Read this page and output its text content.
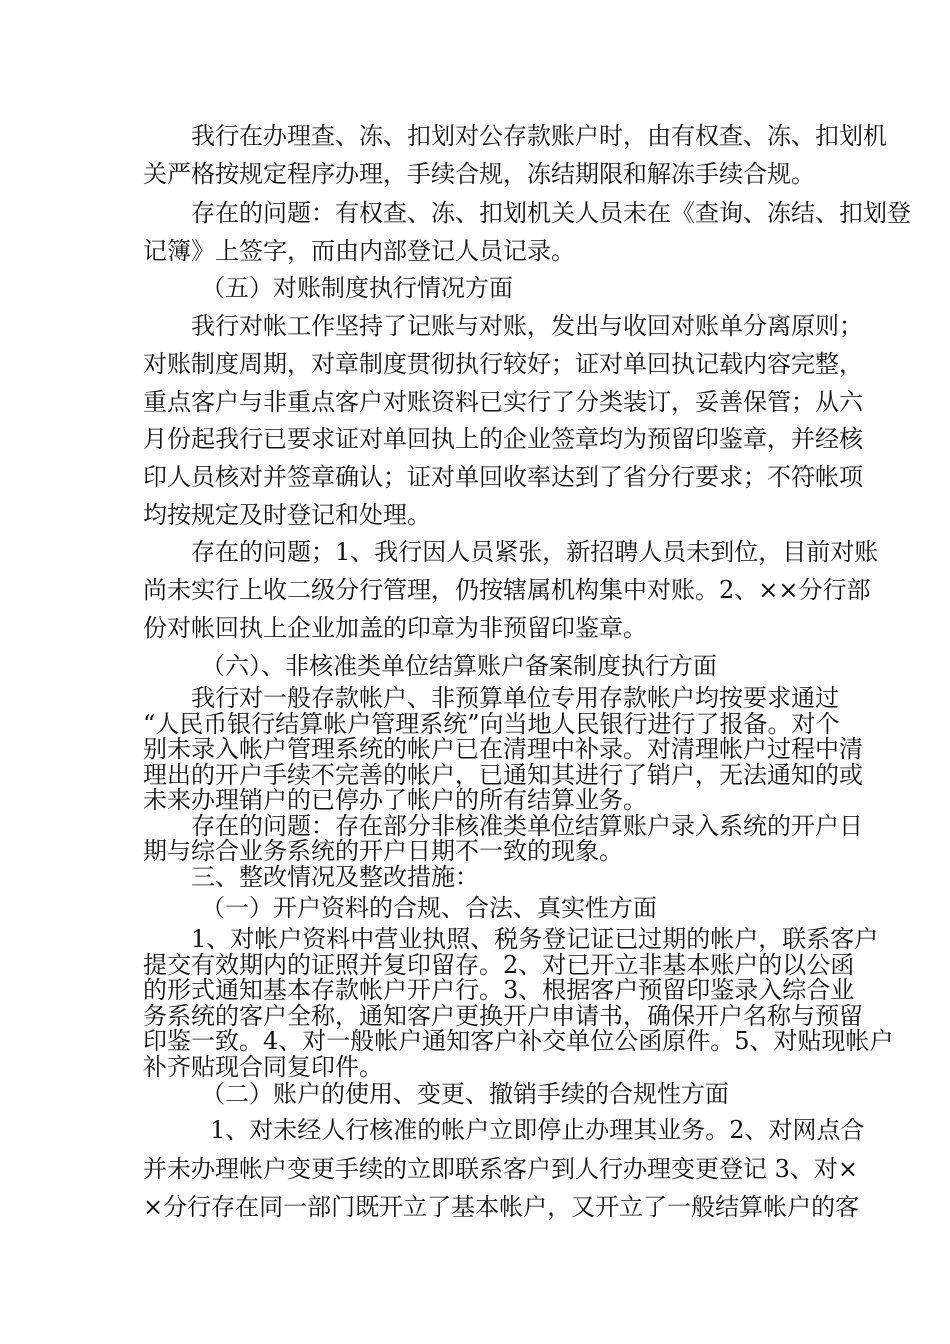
我行在办理查、冻、扣划对公存款账户时，由有权查、冻、扣划机
关严格按规定程序办理，手续合规，冻结期限和解冻手续合规。
存在的问题：有权查、冻、扣划机关人员未在《查询、冻结、扣划登
记簿》上签字，而由内部登记人员记录。
（五）对账制度执行情况方面
我行对帐工作坚持了记账与对账，发出与收回对账单分离原则；
对账制度周期，对章制度贯彻执行较好；证对单回执记载内容完整，
重点客户与非重点客户对账资料已实行了分类装订，妥善保管；从六
月份起我行已要求证对单回执上的企业签章均为预留印鉴章，并经核
印人员核对并签章确认；证对单回收率达到了省分行要求；不符帐项
均按规定及时登记和处理。
存在的问题；1、我行因人员紧张，新招聘人员未到位，目前对账
尚未实行上收二级分行管理，仍按辖属机构集中对账。2、××分行部
份对帐回执上企业加盖的印章为非预留印鉴章。
（六）、非核准类单位结算账户备案制度执行方面
我行对一般存款帐户、非预算单位专用存款帐户均按要求通过
“人民币银行结算帐户管理系统”向当地人民银行进行了报备。对个
别未录入帐户管理系统的帐户已在清理中补录。对清理帐户过程中清
理出的开户手续不完善的帐户，已通知其进行了销户，无法通知的或
未来办理销户的已停办了帐户的所有结算业务。
存在的问题：存在部分非核准类单位结算账户录入系统的开户日
期与综合业务系统的开户日期不一致的现象。
三、整改情况及整改措施：
（一）开户资料的合规、合法、真实性方面
1、对帐户资料中营业执照、税务登记证已过期的帐户，联系客户
提交有效期内的证照并复印留存。2、对已开立非基本账户的以公函
的形式通知基本存款帐户开户行。3、根据客户预留印鉴录入综合业
务系统的客户全称，通知客户更换开户申请书，确保开户名称与预留
印鉴一致。4、对一般帐户通知客户补交单位公函原件。5、对贴现帐户
补齐贴现合同复印件。
（二）账户的使用、变更、撤销手续的合规性方面
1、对未经人行核准的帐户立即停止办理其业务。2、对网点合
并未办理帐户变更手续的立即联系客户到人行办理变更登记 3、对×
×分行存在同一部门既开立了基本帐户，又开立了一般结算帐户的客
